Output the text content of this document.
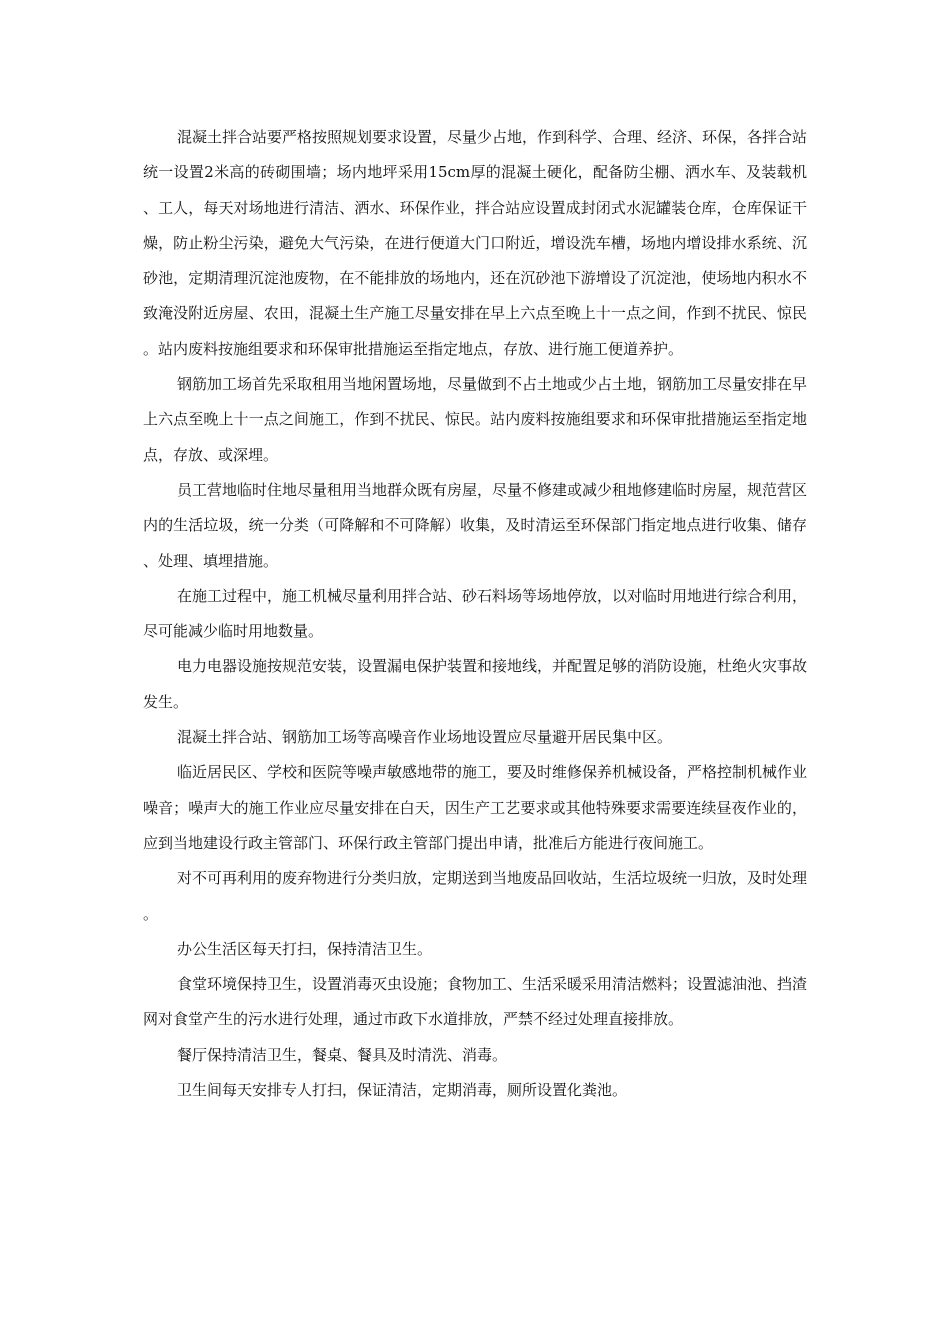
混凝土拌合站要严格按照规划要求设置，尽量少占地，作到科学、合理、经济、环保，各拌合站统一设置2米高的砖砌围墙；场内地坪采用15cm厚的混凝土硬化，配备防尘棚、洒水车、及装载机、工人，每天对场地进行清洁、洒水、环保作业，拌合站应设置成封闭式水泥罐装仓库，仓库保证干燥，防止粉尘污染，避免大气污染，在进行便道大门口附近，增设洗车槽，场地内增设排水系统、沉砂池，定期清理沉淀池废物，在不能排放的场地内，还在沉砂池下游增设了沉淀池，使场地内积水不致淹没附近房屋、农田，混凝土生产施工尽量安排在早上六点至晚上十一点之间，作到不扰民、惊民。站内废料按施组要求和环保审批措施运至指定地点，存放、进行施工便道养护。

钢筋加工场首先采取租用当地闲置场地，尽量做到不占土地或少占土地，钢筋加工尽量安排在早上六点至晚上十一点之间施工，作到不扰民、惊民。站内废料按施组要求和环保审批措施运至指定地点，存放、或深埋。

员工营地临时住地尽量租用当地群众既有房屋，尽量不修建或减少租地修建临时房屋，规范营区内的生活垃圾，统一分类（可降解和不可降解）收集，及时清运至环保部门指定地点进行收集、储存、处理、填埋措施。

在施工过程中，施工机械尽量利用拌合站、砂石料场等场地停放，以对临时用地进行综合利用，尽可能减少临时用地数量。

电力电器设施按规范安装，设置漏电保护装置和接地线，并配置足够的消防设施，杜绝火灾事故发生。

混凝土拌合站、钢筋加工场等高噪音作业场地设置应尽量避开居民集中区。

临近居民区、学校和医院等噪声敏感地带的施工，要及时维修保养机械设备，严格控制机械作业噪音；噪声大的施工作业应尽量安排在白天，因生产工艺要求或其他特殊要求需要连续昼夜作业的，应到当地建设行政主管部门、环保行政主管部门提出申请，批准后方能进行夜间施工。

对不可再利用的废弃物进行分类归放，定期送到当地废品回收站，生活垃圾统一归放，及时处理。

办公生活区每天打扫，保持清洁卫生。

食堂环境保持卫生，设置消毒灭虫设施；食物加工、生活采暖采用清洁燃料；设置滤油池、挡渣网对食堂产生的污水进行处理，通过市政下水道排放，严禁不经过处理直接排放。

餐厅保持清洁卫生，餐桌、餐具及时清洗、消毒。

卫生间每天安排专人打扫，保证清洁，定期消毒，厕所设置化粪池。
